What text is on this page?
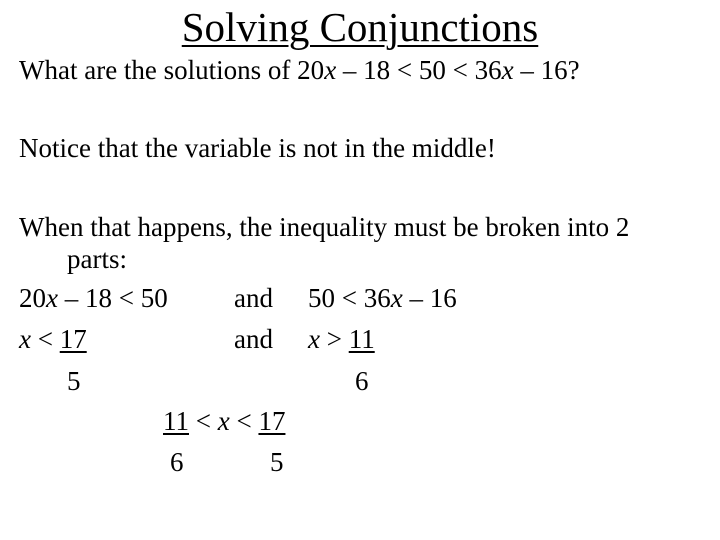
Solving Conjunctions
What are the solutions of 20x – 18 < 50 < 36x – 16?
Notice that the variable is not in the middle!
When that happens, the inequality must be broken into 2
parts:
20x – 18 < 50 and 50 < 36x – 16
x < 17
5
and x > 11
6
11 < x < 17
6	5
